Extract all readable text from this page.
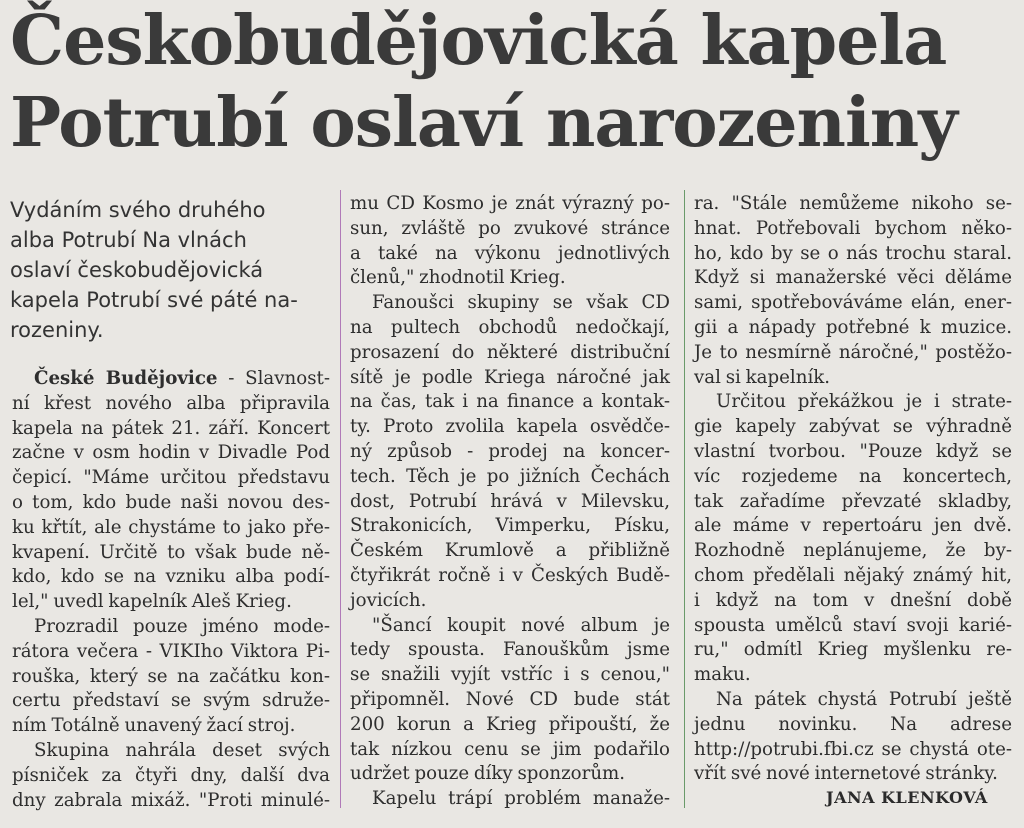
Českobudějovická kapela
Potrubí oslaví narozeniny
Vydáním svého druhého
alba Potrubí Na vlnách
oslaví českobudějovická
kapela Potrubí své páté na-
rozeniny.
České Budějovice - Slavnost-
ní křest nového alba připravila
kapela na pátek 21. září. Koncert
začne v osm hodin v Divadle Pod
čepicí. "Máme určitou představu
o tom, kdo bude naši novou des-
ku křtít, ale chystáme to jako pře-
kvapení. Určitě to však bude ně-
kdo, kdo se na vzniku alba podí-
lel," uvedl kapelník Aleš Krieg.
Prozradil pouze jméno mode-
rátora večera - VIKIho Viktora Pi-
rouška, který se na začátku kon-
certu představí se svým sdruže-
ním Totálně unavený žací stroj.
Skupina nahrála deset svých
písniček za čtyři dny, další dva
dny zabrala mixáž. "Proti minulé-
mu CD Kosmo je znát výrazný po-
sun, zvláště po zvukové stránce
a také na výkonu jednotlivých
členů," zhodnotil Krieg.
Fanoušci skupiny se však CD
na pultech obchodů nedočkají,
prosazení do některé distribuční
sítě je podle Kriega náročné jak
na čas, tak i na finance a kontak-
ty. Proto zvolila kapela osvědče-
ný způsob - prodej na koncer-
tech. Těch je po jižních Čechách
dost, Potrubí hrává v Milevsku,
Strakonicích, Vimperku, Písku,
Českém Krumlově a přibližně
čtyřikrát ročně i v Českých Budě-
jovicích.
"Šancí koupit nové album je
tedy spousta. Fanouškům jsme
se snažili vyjít vstříc i s cenou,"
připomněl. Nové CD bude stát
200 korun a Krieg připouští, že
tak nízkou cenu se jim podařilo
udržet pouze díky sponzorům.
Kapelu trápí problém manaže-
ra. "Stále nemůžeme nikoho se-
hnat. Potřebovali bychom něko-
ho, kdo by se o nás trochu staral.
Když si manažerské věci děláme
sami, spotřebováváme elán, ener-
gii a nápady potřebné k muzice.
Je to nesmírně náročné," postěžo-
val si kapelník.
Určitou překážkou je i strate-
gie kapely zabývat se výhradně
vlastní tvorbou. "Pouze když se
víc rozjedeme na koncertech,
tak zařadíme převzaté skladby,
ale máme v repertoáru jen dvě.
Rozhodně neplánujeme, že by-
chom předělali nějaký známý hit,
i když na tom v dnešní době
spousta umělců staví svoji karié-
ru," odmítl Krieg myšlenku re-
maku.
Na pátek chystá Potrubí ještě
jednu novinku. Na adrese
http://potrubi.fbi.cz se chystá ote-
vřít své nové internetové stránky.
JANA KLENKOVÁ
